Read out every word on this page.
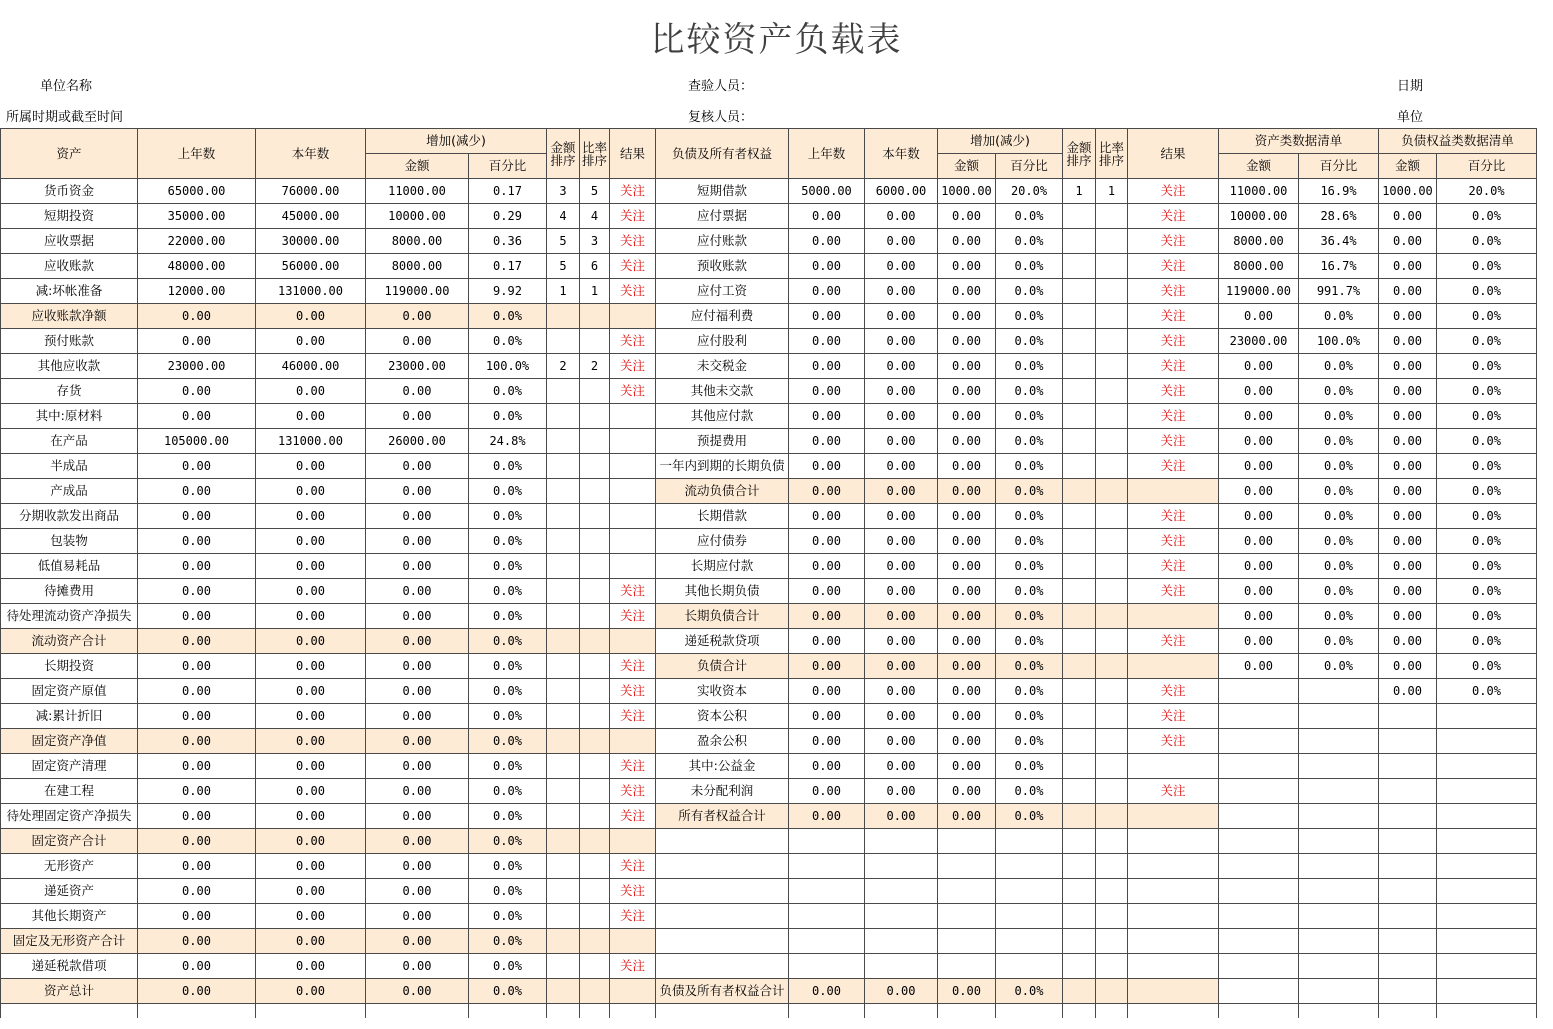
比较资产负载表
单位名称	查验人员：	日期
所属时期或截至时间	复核人员：	单位
资产	上年数	本年数	增加(减少)		金额排序	比率排序	结果	负债及所有者权益	上年数	本年数	增加(减少)		金额排序	比率排序	结果	资产类数据清单		负债权益类数据清单	
			金额	百分比							金额	百分比				金额	百分比	金额	百分比
货币资金	65000.00	76000.00	11000.00	0.17	3	5	关注	短期借款	5000.00	6000.00	1000.00	20.0%	1	1	关注	11000.00	16.9%	1000.00	20.0%
短期投资	35000.00	45000.00	10000.00	0.29	4	4	关注	应付票据	0.00	0.00	0.00	0.0%			关注	10000.00	28.6%	0.00	0.0%
应收票据	22000.00	30000.00	8000.00	0.36	5	3	关注	应付账款	0.00	0.00	0.00	0.0%			关注	8000.00	36.4%	0.00	0.0%
应收账款	48000.00	56000.00	8000.00	0.17	5	6	关注	预收账款	0.00	0.00	0.00	0.0%			关注	8000.00	16.7%	0.00	0.0%
减:坏帐准备	12000.00	131000.00	119000.00	9.92	1	1	关注	应付工资	0.00	0.00	0.00	0.0%			关注	119000.00	991.7%	0.00	0.0%
应收账款净额	0.00	0.00	0.00	0.0%				应付福利费	0.00	0.00	0.00	0.0%			关注	0.00	0.0%	0.00	0.0%
预付账款	0.00	0.00	0.00	0.0%			关注	应付股利	0.00	0.00	0.00	0.0%			关注	23000.00	100.0%	0.00	0.0%
其他应收款	23000.00	46000.00	23000.00	100.0%	2	2	关注	未交税金	0.00	0.00	0.00	0.0%			关注	0.00	0.0%	0.00	0.0%
存货	0.00	0.00	0.00	0.0%			关注	其他未交款	0.00	0.00	0.00	0.0%			关注	0.00	0.0%	0.00	0.0%
其中:原材料	0.00	0.00	0.00	0.0%				其他应付款	0.00	0.00	0.00	0.0%			关注	0.00	0.0%	0.00	0.0%
在产品	105000.00	131000.00	26000.00	24.8%				预提费用	0.00	0.00	0.00	0.0%			关注	0.00	0.0%	0.00	0.0%
半成品	0.00	0.00	0.00	0.0%				一年内到期的长期负债	0.00	0.00	0.00	0.0%			关注	0.00	0.0%	0.00	0.0%
产成品	0.00	0.00	0.00	0.0%				流动负债合计	0.00	0.00	0.00	0.0%				0.00	0.0%	0.00	0.0%
分期收款发出商品	0.00	0.00	0.00	0.0%				长期借款	0.00	0.00	0.00	0.0%			关注	0.00	0.0%	0.00	0.0%
包装物	0.00	0.00	0.00	0.0%				应付债券	0.00	0.00	0.00	0.0%			关注	0.00	0.0%	0.00	0.0%
低值易耗品	0.00	0.00	0.00	0.0%				长期应付款	0.00	0.00	0.00	0.0%			关注	0.00	0.0%	0.00	0.0%
待摊费用	0.00	0.00	0.00	0.0%			关注	其他长期负债	0.00	0.00	0.00	0.0%			关注	0.00	0.0%	0.00	0.0%
待处理流动资产净损失	0.00	0.00	0.00	0.0%			关注	长期负债合计	0.00	0.00	0.00	0.0%				0.00	0.0%	0.00	0.0%
流动资产合计	0.00	0.00	0.00	0.0%				递延税款贷项	0.00	0.00	0.00	0.0%			关注	0.00	0.0%	0.00	0.0%
长期投资	0.00	0.00	0.00	0.0%			关注	负债合计	0.00	0.00	0.00	0.0%				0.00	0.0%	0.00	0.0%
固定资产原值	0.00	0.00	0.00	0.0%			关注	实收资本	0.00	0.00	0.00	0.0%			关注			0.00	0.0%
减:累计折旧	0.00	0.00	0.00	0.0%			关注	资本公积	0.00	0.00	0.00	0.0%			关注				
固定资产净值	0.00	0.00	0.00	0.0%				盈余公积	0.00	0.00	0.00	0.0%			关注				
固定资产清理	0.00	0.00	0.00	0.0%			关注	其中:公益金	0.00	0.00	0.00	0.0%							
在建工程	0.00	0.00	0.00	0.0%			关注	未分配利润	0.00	0.00	0.00	0.0%			关注				
待处理固定资产净损失	0.00	0.00	0.00	0.0%			关注	所有者权益合计	0.00	0.00	0.00	0.0%							
固定资产合计	0.00	0.00	0.00	0.0%															
无形资产	0.00	0.00	0.00	0.0%			关注												
递延资产	0.00	0.00	0.00	0.0%			关注												
其他长期资产	0.00	0.00	0.00	0.0%			关注												
固定及无形资产合计	0.00	0.00	0.00	0.0%															
递延税款借项	0.00	0.00	0.00	0.0%			关注												
资产总计	0.00	0.00	0.00	0.0%				负债及所有者权益合计	0.00	0.00	0.00	0.0%							
